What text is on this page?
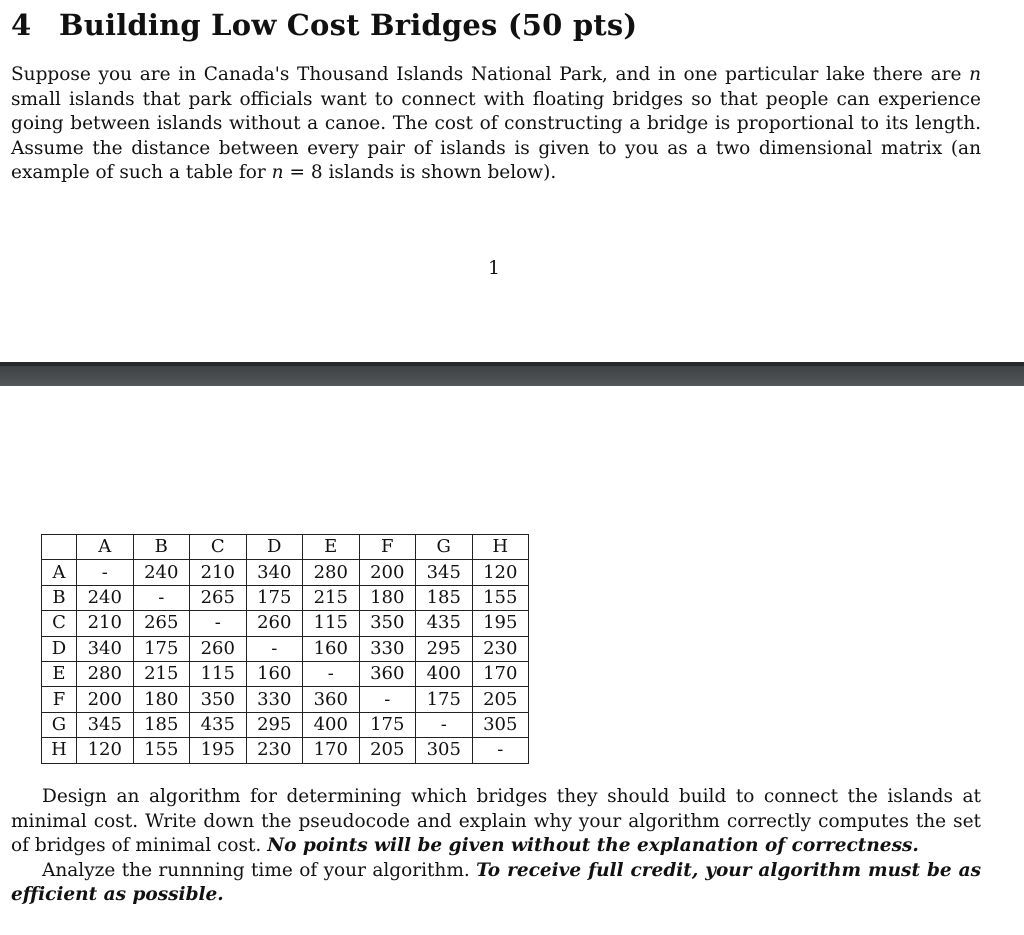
4 Building Low Cost Bridges (50 pts)
Suppose you are in Canada's Thousand Islands National Park, and in one particular lake there are n small islands that park officials want to connect with floating bridges so that people can experience going between islands without a canoe. The cost of constructing a bridge is proportional to its length. Assume the distance between every pair of islands is given to you as a two dimensional matrix (an example of such a table for n = 8 islands is shown below).
1
	A	B	C	D	E	F	G	H
A	-	240	210	340	280	200	345	120
B	240	-	265	175	215	180	185	155
C	210	265	-	260	115	350	435	195
D	340	175	260	-	160	330	295	230
E	280	215	115	160	-	360	400	170
F	200	180	350	330	360	-	175	205
G	345	185	435	295	400	175	-	305
H	120	155	195	230	170	205	305	-

Design an algorithm for determining which bridges they should build to connect the islands at minimal cost. Write down the pseudocode and explain why your algorithm correctly computes the set of bridges of minimal cost. No points will be given without the explanation of correctness.

Analyze the runnning time of your algorithm. To receive full credit, your algorithm must be as efficient as possible.
